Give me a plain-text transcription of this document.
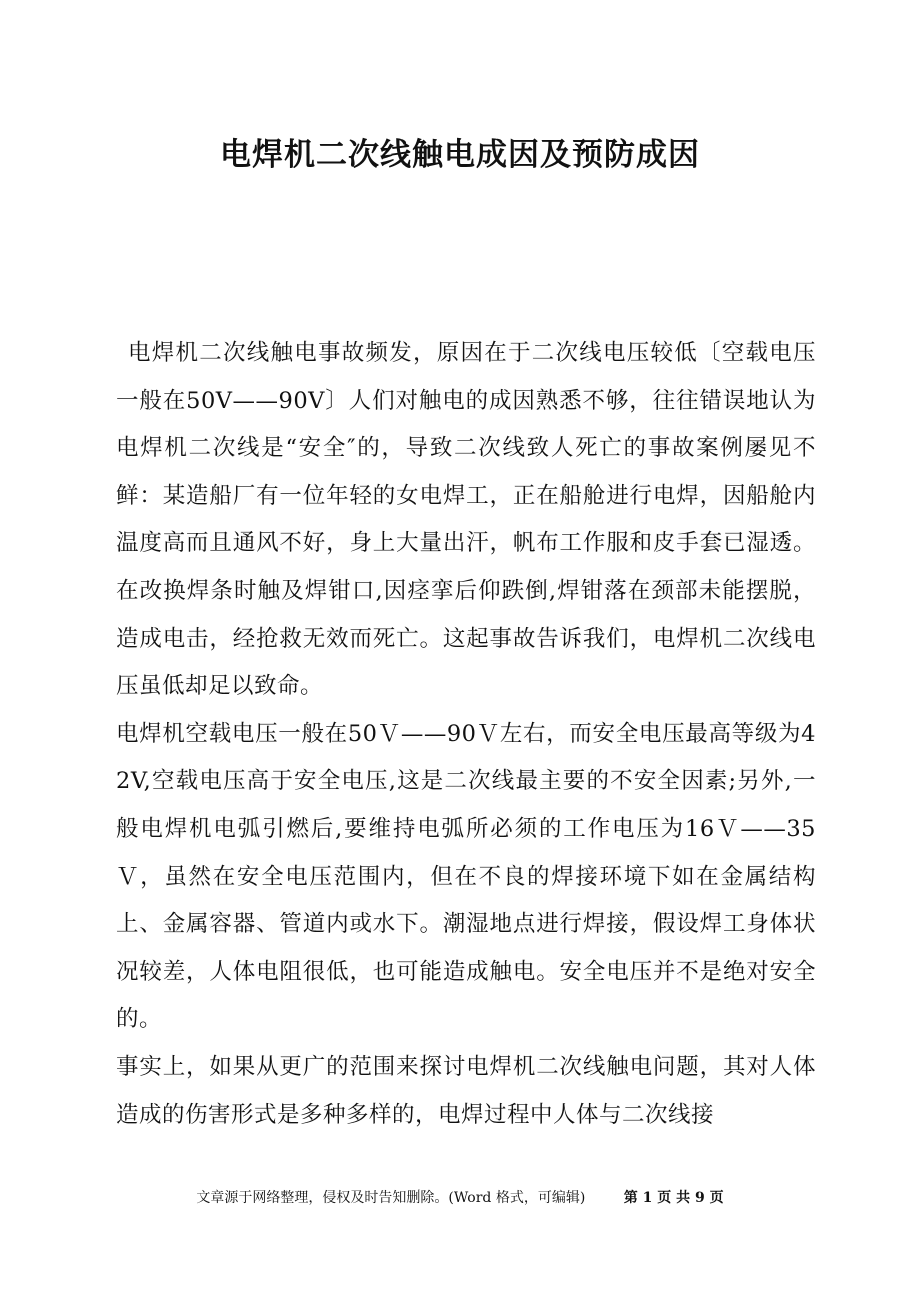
电焊机二次线触电成因及预防成因

电焊机二次线触电事故频发，原因在于二次线电压较低〔空载电压一般在50V——90V〕人们对触电的成因熟悉不够，往往错误地认为电焊机二次线是“安全″的，导致二次线致人死亡的事故案例屡见不鲜：某造船厂有一位年轻的女电焊工，正在船舱进行电焊，因船舱内温度高而且通风不好，身上大量出汗，帆布工作服和皮手套已湿透。在改换焊条时触及焊钳口,因痉挛后仰跌倒,焊钳落在颈部未能摆脱，造成电击，经抢救无效而死亡。这起事故告诉我们，电焊机二次线电压虽低却足以致命。

电焊机空载电压一般在50Ｖ——90Ｖ左右，而安全电压最高等级为42V,空载电压高于安全电压,这是二次线最主要的不安全因素;另外,一般电焊机电弧引燃后,要维持电弧所必须的工作电压为16Ｖ——35Ｖ，虽然在安全电压范围内，但在不良的焊接环境下如在金属结构上、金属容器、管道内或水下。潮湿地点进行焊接，假设焊工身体状况较差，人体电阻很低，也可能造成触电。安全电压并不是绝对安全的。

事实上，如果从更广的范围来探讨电焊机二次线触电问题，其对人体造成的伤害形式是多种多样的，电焊过程中人体与二次线接

文章源于网络整理，侵权及时告知删除。(Word 格式，可编辑)	第 1 页 共 9 页
